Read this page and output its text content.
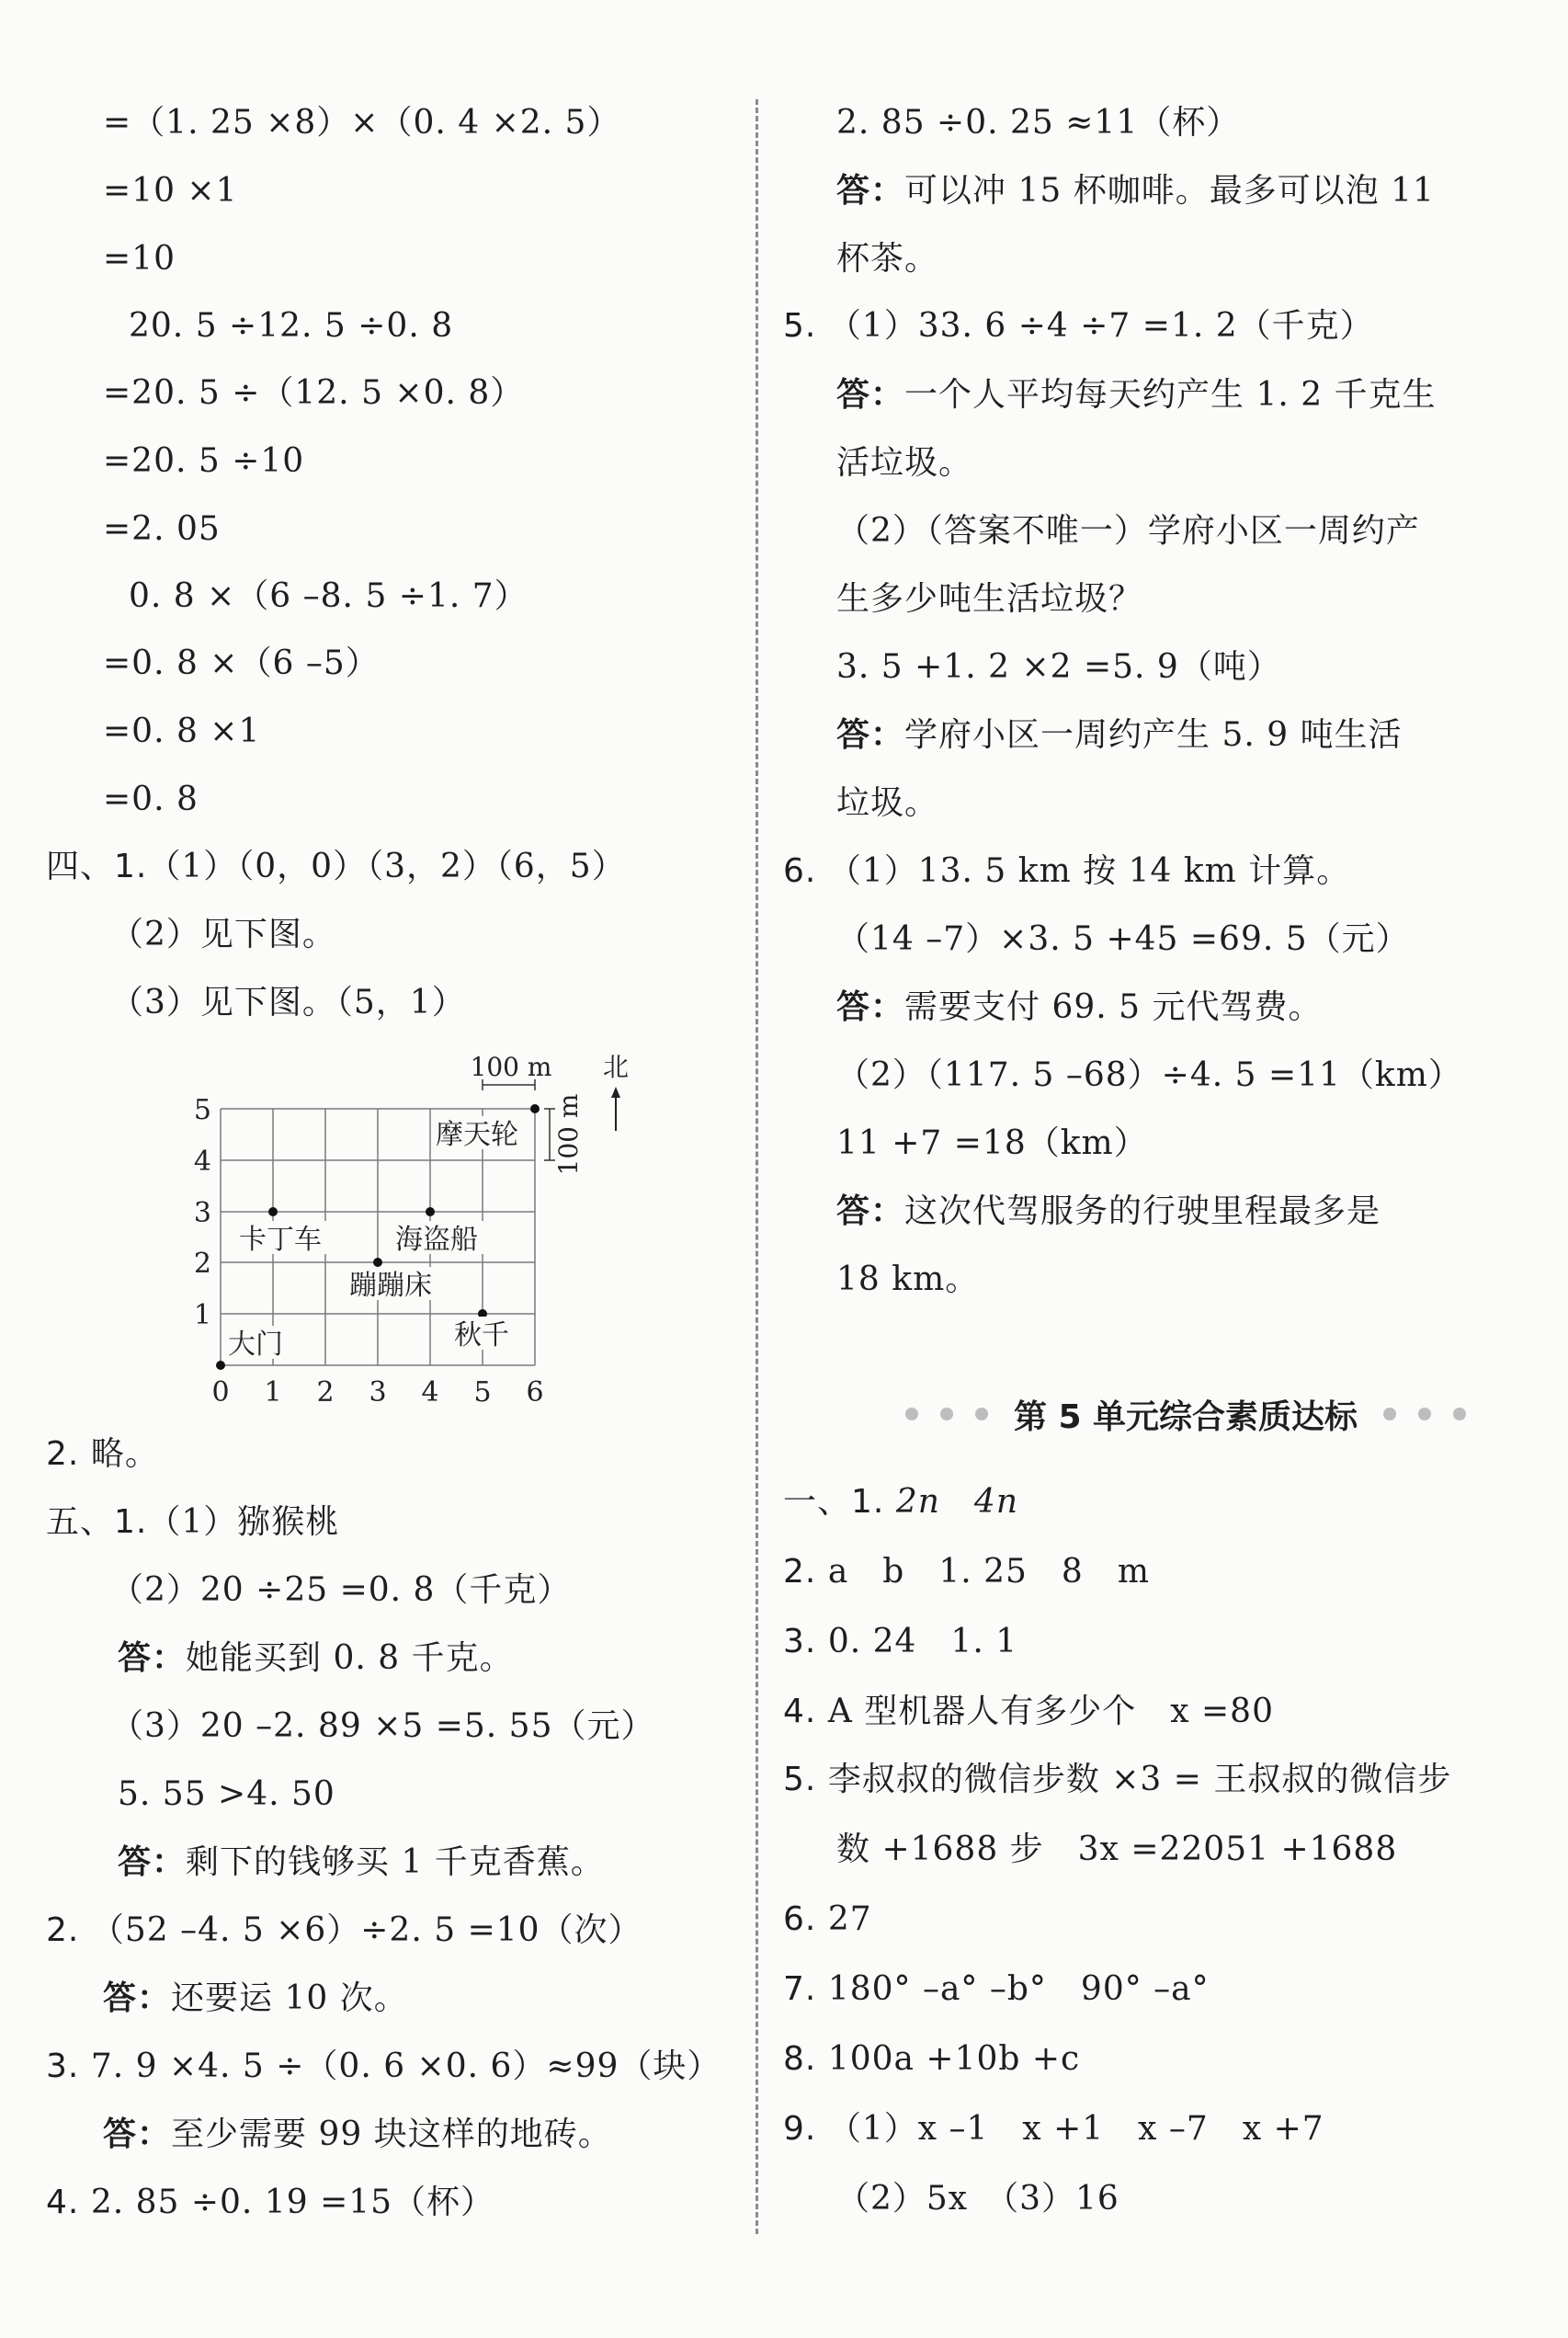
=（1. 25 ×8）×（0. 4 ×2. 5）
=10 ×1
=10
20. 5 ÷12. 5 ÷0. 8
=20. 5 ÷（12. 5 ×0. 8）
=20. 5 ÷10
=2. 05
0. 8 ×（6 –8. 5 ÷1. 7）
=0. 8 ×（6 –5）
=0. 8 ×1
=0. 8
四、1.（1）（0，0）（3，2）（6，5）
（2）见下图。
（3）见下图。（5，1）
100 m
100 m
北
0 1 2 3 4 5 6
1
2
3
4
5
大门
卡丁车	海盗船
蹦蹦床
秋千
摩天轮
2. 略。
五、1.（1）猕猴桃
（2）20 ÷25 =0. 8（千克）
答：她能买到 0. 8 千克。
（3）20 –2. 89 ×5 =5. 55（元）
5. 55 >4. 50
答：剩下的钱够买 1 千克香蕉。
2. （52 –4. 5 ×6）÷2. 5 =10（次）
答：还要运 10 次。
3. 7. 9 ×4. 5 ÷（0. 6 ×0. 6）≈99（块）
答：至少需要 99 块这样的地砖。
4. 2. 85 ÷0. 19 =15（杯）
2. 85 ÷0. 25 ≈11（杯）
答：可以冲 15 杯咖啡。最多可以泡 11
杯茶。
5. （1）33. 6 ÷4 ÷7 =1. 2（千克）
答：一个人平均每天约产生 1. 2 千克生
活垃圾。
（2）（答案不唯一）学府小区一周约产
生多少吨生活垃圾？
3. 5 +1. 2 ×2 =5. 9（吨）
答：学府小区一周约产生 5. 9 吨生活
垃圾。
6. （1）13. 5 km 按 14 km 计算。
（14 –7）×3. 5 +45 =69. 5（元）
答：需要支付 69. 5 元代驾费。
（2）（117. 5 –68）÷4. 5 =11（km）
11 +7 =18（km）
答：这次代驾服务的行驶里程最多是
18 km。
第 5 单元综合素质达标
一、1. 2n　4n
2. a　b　1. 25　8　m
3. 0. 24　1. 1
4. A 型机器人有多少个　x =80
5. 李叔叔的微信步数 ×3 = 王叔叔的微信步
数 +1688 步　3x =22051 +1688
6. 27
7. 180° –a° –b°　90° –a°
8. 100a +10b +c
9. （1）x –1　x +1　x –7　x +7
（2）5x　（3）16
